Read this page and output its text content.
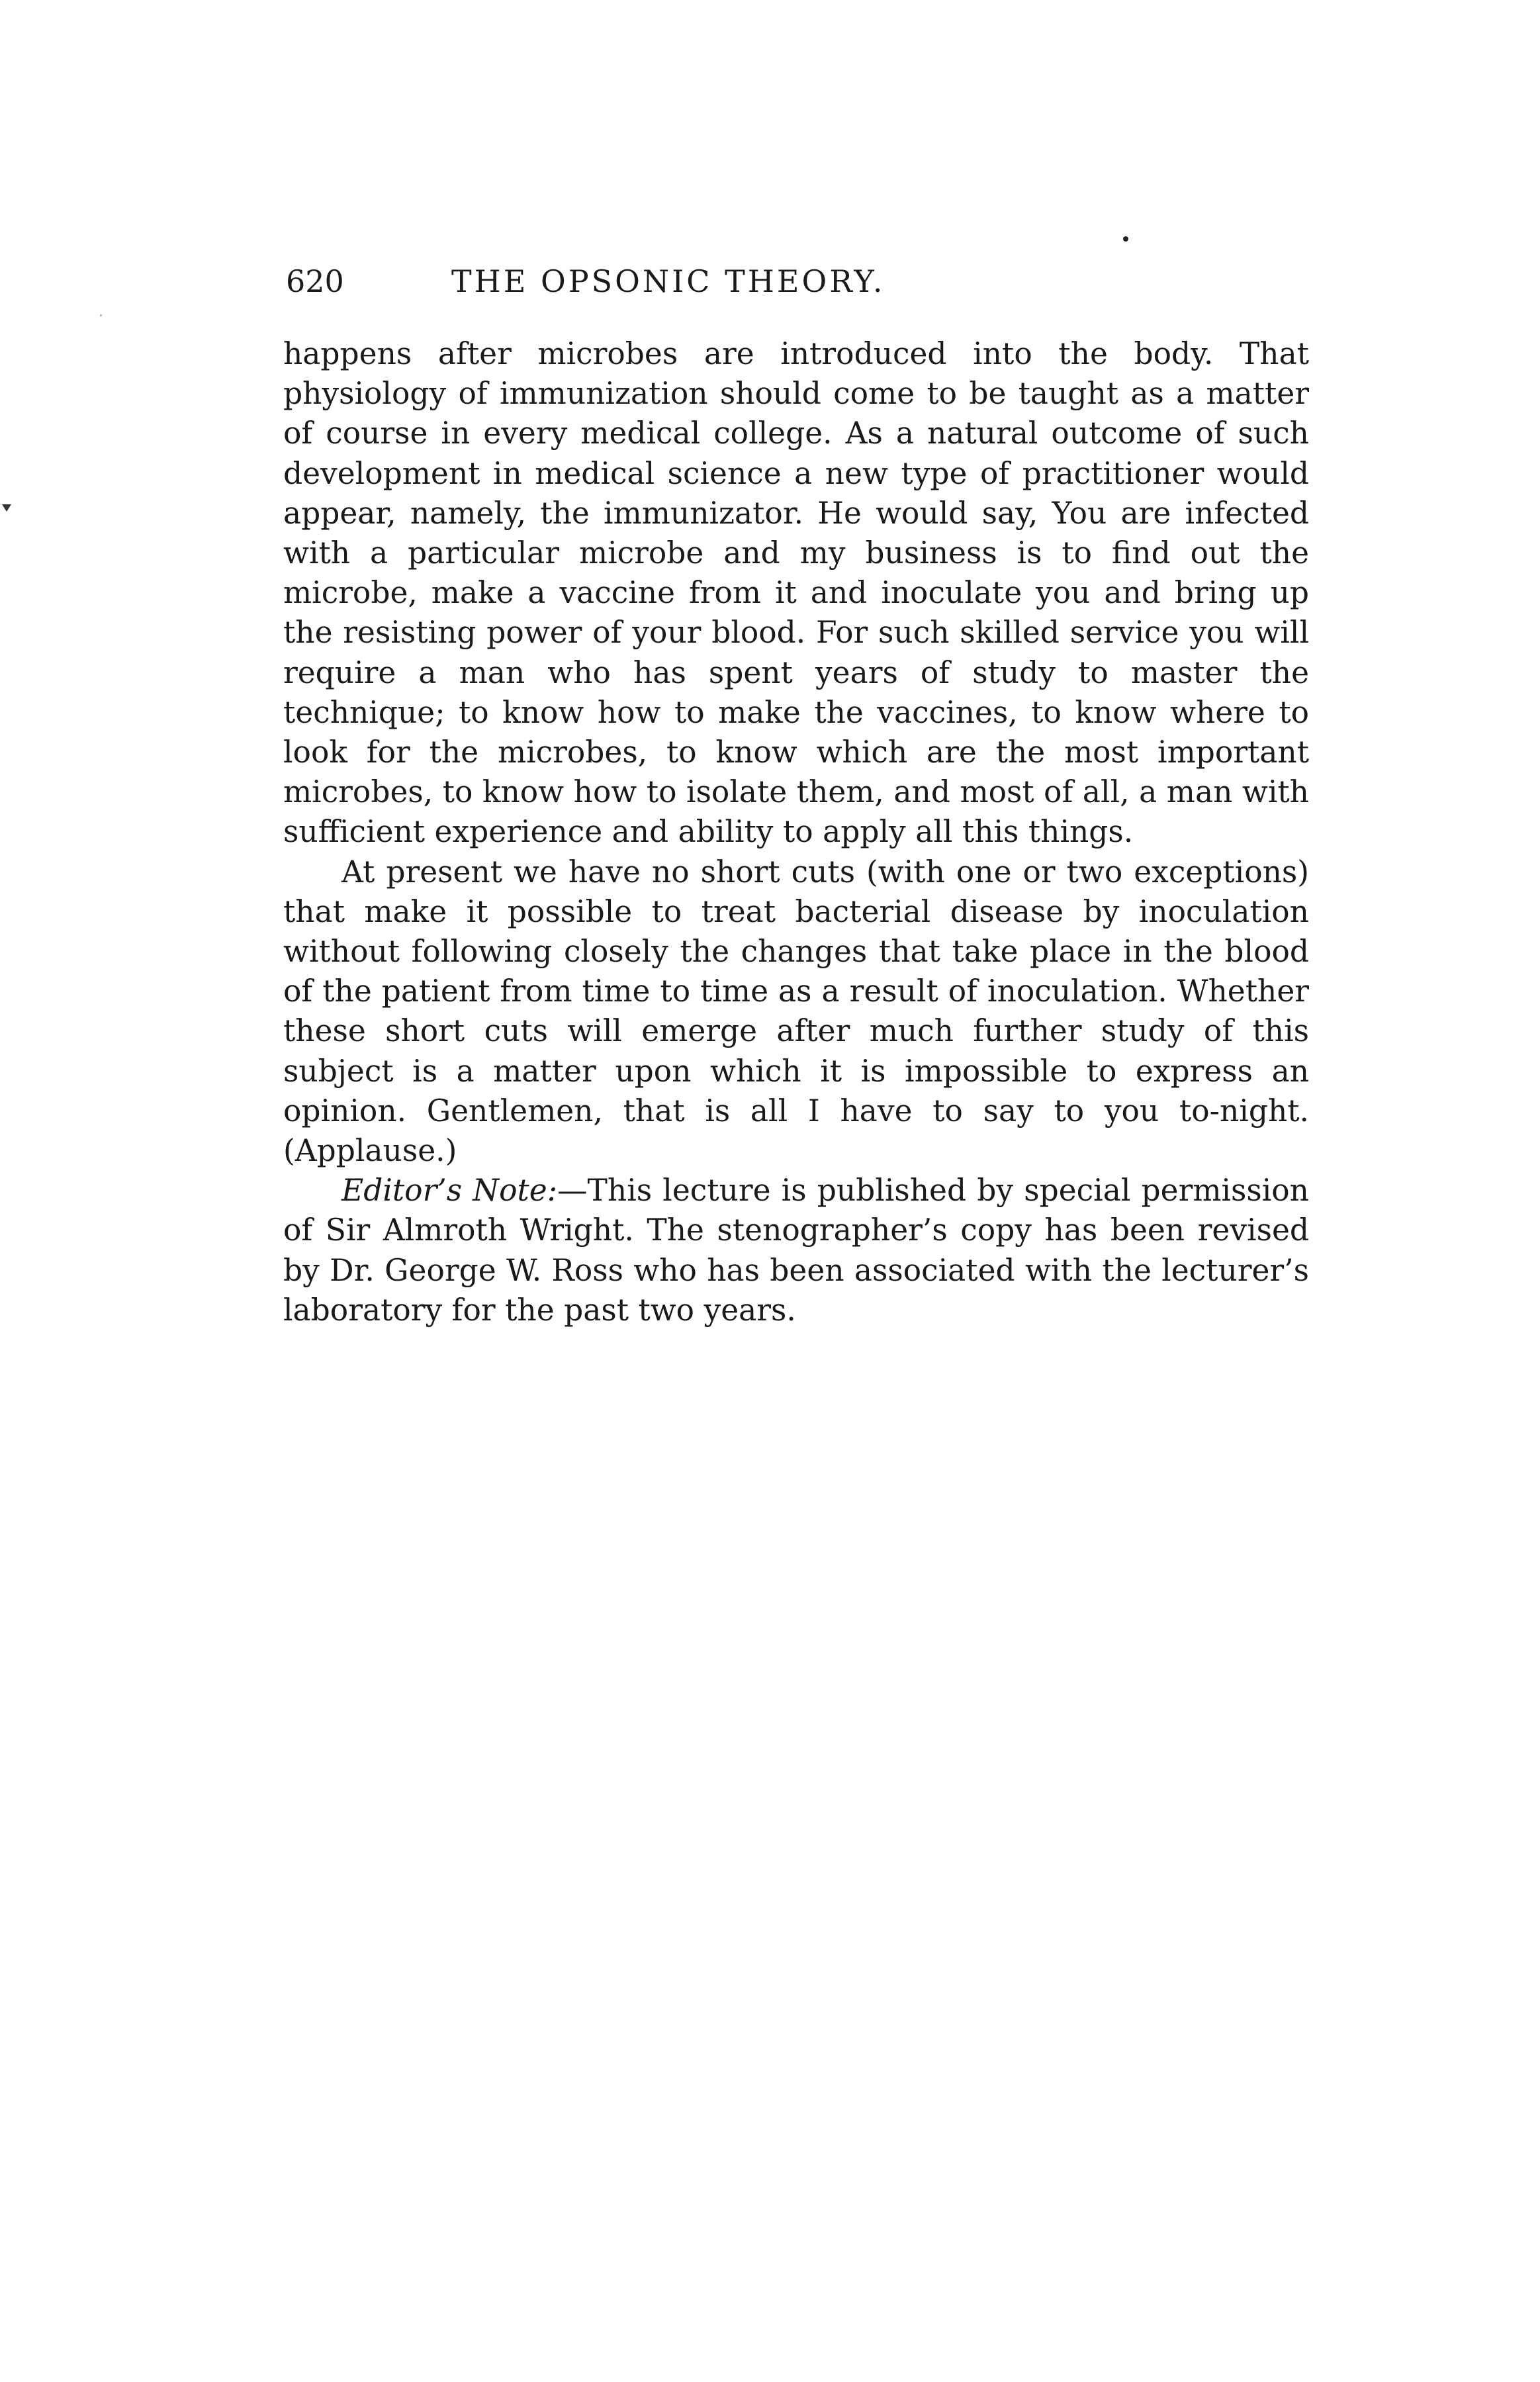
620	THE OPSONIC THEORY.

happens after microbes are introduced into the body. That physiology of immunization should come to be taught as a matter of course in every medical college. As a natural outcome of such development in medical science a new type of practitioner would appear, namely, the immunizator. He would say, You are infected with a particular microbe and my business is to find out the microbe, make a vaccine from it and inoculate you and bring up the resisting power of your blood. For such skilled service you will require a man who has spent years of study to master the technique; to know how to make the vaccines, to know where to look for the microbes, to know which are the most important microbes, to know how to isolate them, and most of all, a man with sufficient experience and ability to apply all this things.

At present we have no short cuts (with one or two exceptions) that make it possible to treat bacterial disease by inoculation without following closely the changes that take place in the blood of the patient from time to time as a result of inoculation. Whether these short cuts will emerge after much further study of this subject is a matter upon which it is impossible to express an opinion. Gentlemen, that is all I have to say to you to-night. (Applause.)

Editor’s Note:—This lecture is published by special permission of Sir Almroth Wright. The stenographer’s copy has been revised by Dr. George W. Ross who has been associated with the lecturer’s laboratory for the past two years.
